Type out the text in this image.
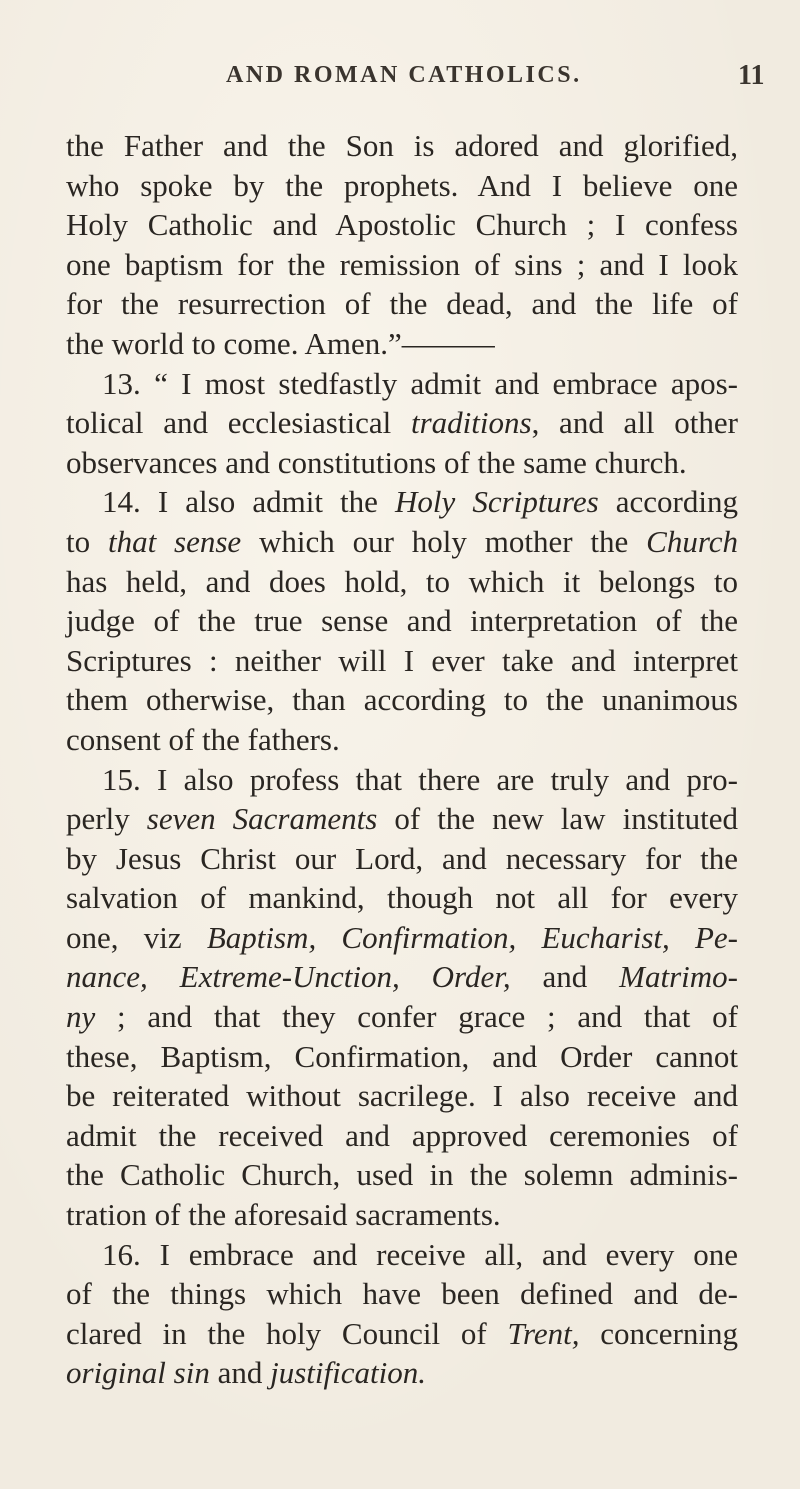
AND ROMAN CATHOLICS.	11
the Father and the Son is adored and glorified,
who spoke by the prophets. And I believe one
Holy Catholic and Apostolic Church ; I confess
one baptism for the remission of sins ; and I look
for the resurrection of the dead, and the life of
the world to come. Amen.”———
13. “ I most stedfastly admit and embrace apos-
tolical and ecclesiastical traditions, and all other
observances and constitutions of the same church.
14. I also admit the Holy Scriptures according
to that sense which our holy mother the Church
has held, and does hold, to which it belongs to
judge of the true sense and interpretation of the
Scriptures : neither will I ever take and interpret
them otherwise, than according to the unanimous
consent of the fathers.
15. I also profess that there are truly and pro-
perly seven Sacraments of the new law instituted
by Jesus Christ our Lord, and necessary for the
salvation of mankind, though not all for every
one, viz Baptism, Confirmation, Eucharist, Pe-
nance, Extreme-Unction, Order, and Matrimo-
ny ; and that they confer grace ; and that of
these, Baptism, Confirmation, and Order cannot
be reiterated without sacrilege. I also receive and
admit the received and approved ceremonies of
the Catholic Church, used in the solemn adminis-
tration of the aforesaid sacraments.
16. I embrace and receive all, and every one
of the things which have been defined and de-
clared in the holy Council of Trent, concerning
original sin and justification.
